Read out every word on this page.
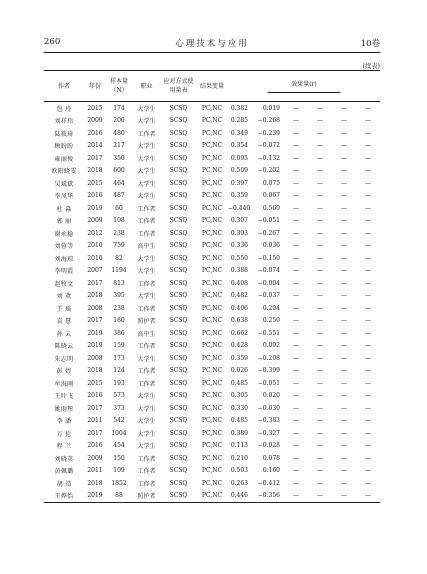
260	心理技术与应用	10卷
(续表)
作者	年份	样本量（N）	职业	应对方式使用量表	结果变量	效果量(r)					

包 玲	2015	174	大学生	SCSQ	PC,NC	0.382	0.019	—	—	—	—
刘祥玮	2009	200	大学生	SCSQ	PC,NC	0.285	−0.268	—	—	—	—
陆筱琦	2016	480	工作者	SCSQ	PC,NC	0.349	−0.239	—	—	—	—
顾盼盼	2014	217	大学生	SCSQ	PC,NC	0.354	−0.072	—	—	—	—
雍丽俊	2017	350	大学生	SCSQ	PC,NC	0.095	−0.132	—	—	—	—
欧阳晓雯	2018	600	大学生	SCSQ	PC,NC	0.509	−0.202	—	—	—	—
吴斌斌	2015	464	大学生	SCSQ	PC,NC	0.397	0.075	—	—	—	—
李凤华	2016	487	大学生	SCSQ	PC,NC	0.359	0.067	—	—	—	—
杜 淼	2019	60	工作者	SCSQ	PC,NC	−0.440	0.560	—	—	—	—
郭 丽	2009	108	工作者	SCSQ	PC,NC	0.307	−0.051	—	—	—	—
谢永稳	2012	238	工作者	SCSQ	PC,NC	0.393	−0.267	—	—	—	—
刘蓉等	2010	759	高中生	SCSQ	PC,NC	0.336	0.036	—	—	—	—
刘海琼	2010	82	大学生	SCSQ	PC,NC	0.550	−0.150	—	—	—	—
李明霞	2007	1194	大学生	SCSQ	PC,NC	0.388	−0.074	—	—	—	—
赵牧文	2017	813	工作者	SCSQ	PC,NC	0.408	−0.004	—	—	—	—
刘 欢	2018	395	大学生	SCSQ	PC,NC	0.482	−0.037	—	—	—	—
王 瑶	2008	238	工作者	SCSQ	PC,NC	0.406	0.204	—	—	—	—
袁 慧	2017	180	照护者	SCSQ	PC,NC	0.638	0.250	—	—	—	—
孙 云	2019	386	高中生	SCSQ	PC,NC	0.662	−0.551	—	—	—	—
陈晓云	2019	159	工作者	SCSQ	PC,NC	0.428	0.092	—	—	—	—
朱志明	2008	173	大学生	SCSQ	PC,NC	0.359	−0.208	—	—	—	—
彭 婷	2018	124	工作者	SCSQ	PC,NC	0.026	−0.399	—	—	—	—
牟海刚	2015	193	工作者	SCSQ	PC,NC	0.485	−0.051	—	—	—	—
王叶飞	2016	573	大学生	SCSQ	PC,NC	0.305	0.020	—	—	—	—
姚雨彤	2017	373	大学生	SCSQ	PC,NC	0.330	−0.030	—	—	—	—
李 潘	2011	542	大学生	SCSQ	PC,NC	0.485	−0.383	—	—	—	—
万 伦	2017	1004	大学生	SCSQ	PC,NC	0.389	−0.327	—	—	—	—
程 兰	2016	454	大学生	SCSQ	PC,NC	0.113	−0.028	—	—	—	—
刘晓英	2009	150	工作者	SCSQ	PC,NC	0.210	0.078	—	—	—	—
黄佩璐	2011	109	工作者	SCSQ	PC,NC	0.503	0.160	—	—	—	—
胡 靖	2018	1852	工作者	SCSQ	PC,NC	0.263	−0.412	—	—	—	—
王烨怡	2019	88	照护者	SCSQ	PC,NC	0.446	−0.356	—	—	—	—
